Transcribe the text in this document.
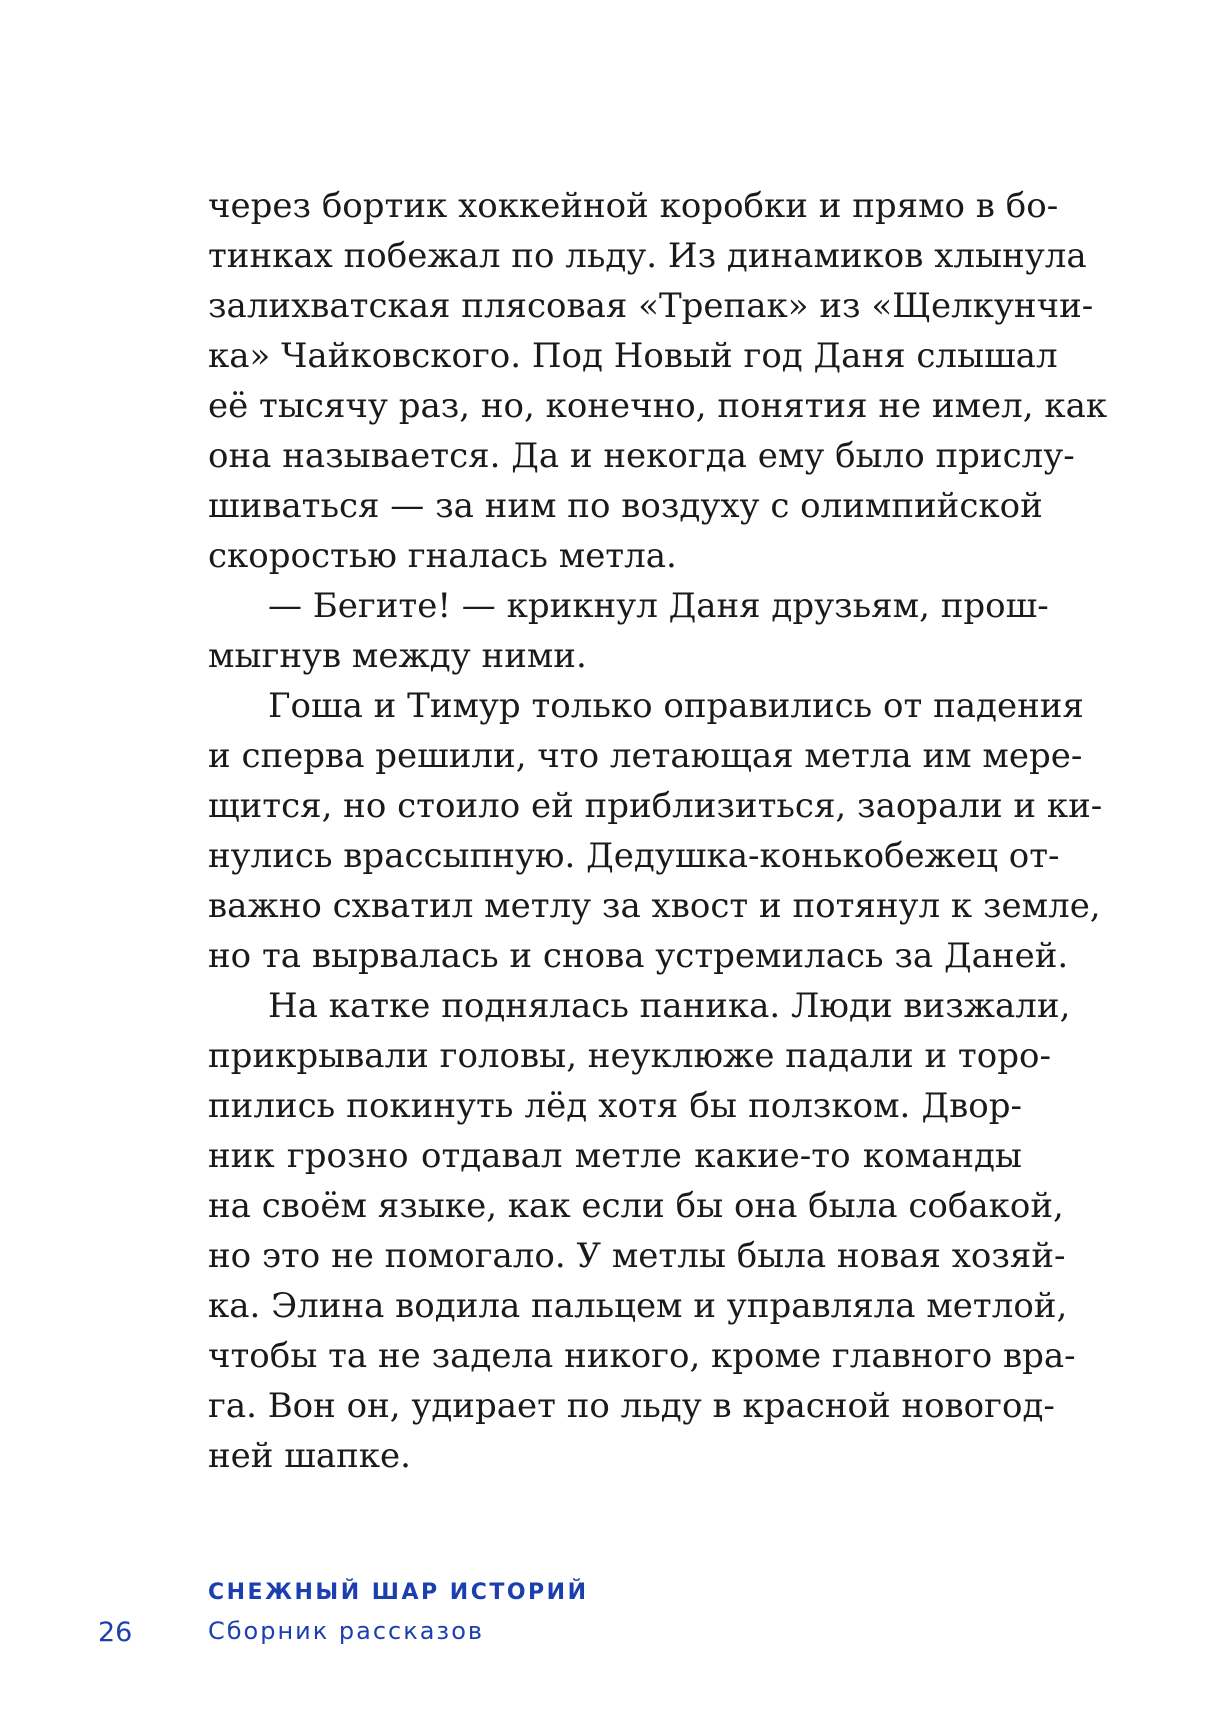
через бортик хоккейной коробки и прямо в бо-
тинках побежал по льду. Из динамиков хлынула
залихватская плясовая «Трепак» из «Щелкунчи-
ка» Чайковского. Под Новый год Даня слышал
её тысячу раз, но, конечно, понятия не имел, как
она называется. Да и некогда ему было прислу-
шиваться — за ним по воздуху с олимпийской
скоростью гналась метла.
— Бегите! — крикнул Даня друзьям, прош-
мыгнув между ними.
Гоша и Тимур только оправились от падения
и сперва решили, что летающая метла им мере-
щится, но стоило ей приблизиться, заорали и ки-
нулись врассыпную. Дедушка-конькобежец от-
важно схватил метлу за хвост и потянул к земле,
но та вырвалась и снова устремилась за Даней.
На катке поднялась паника. Люди визжали,
прикрывали головы, неуклюже падали и торо-
пились покинуть лёд хотя бы ползком. Двор-
ник грозно отдавал метле какие-то команды
на своём языке, как если бы она была собакой,
но это не помогало. У метлы была новая хозяй-
ка. Элина водила пальцем и управляла метлой,
чтобы та не задела никого, кроме главного вра-
га. Вон он, удирает по льду в красной новогод-
ней шапке.
26
СНЕЖНЫЙ ШАР ИСТОРИЙ
Сборник рассказов
